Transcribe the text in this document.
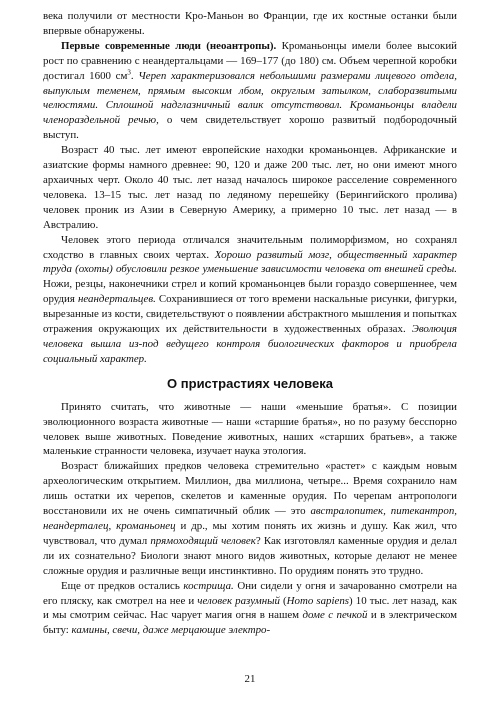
века получили от местности Кро-Маньон во Франции, где их костные останки были впервые обнаружены.

Первые современные люди (неоантропы). Кроманьонцы имели более высокий рост по сравнению с неандертальцами — 169–177 (до 180) см. Объем черепной коробки достигал 1600 $см^3$. Череп характеризовался небольшими размерами лицевого отдела, выпуклым теменем, прямым высоким лбом, округлым затылком, слаборазвитыми челюстями. Сплошной надглазничный валик отсутствовал. Кроманьонцы владели членораздельной речью, о чем свидетельствует хорошо развитый подбородочный выступ.

Возраст 40 тыс. лет имеют европейские находки кроманьонцев. Африканские и азиатские формы намного древнее: 90, 120 и даже 200 тыс. лет, но они имеют много архаичных черт. Около 40 тыс. лет назад началось широкое расселение современного человека. 13–15 тыс. лет назад по ледяному перешейку (Берингийского пролива) человек проник из Азии в Северную Америку, а примерно 10 тыс. лет назад — в Австралию.

Человек этого периода отличался значительным полиморфизмом, но сохранял сходство в главных своих чертах. Хорошо развитый мозг, общественный характер труда (охоты) обусловили резкое уменьшение зависимости человека от внешней среды. Ножи, резцы, наконечники стрел и копий кроманьонцев были гораздо совершеннее, чем орудия неандертальцев. Сохранившиеся от того времени наскальные рисунки, фигурки, вырезанные из кости, свидетельствуют о появлении абстрактного мышления и попытках отражения окружающих их действительности в художественных образах. Эволюция человека вышла из-под ведущего контроля биологических факторов и приобрела социальный характер.

О пристрастиях человека

Принято считать, что животные — наши «меньшие братья». С позиции эволюционного возраста животные — наши «старшие братья», но по разуму бесспорно человек выше животных. Поведение животных, наших «старших братьев», а также маленькие странности человека, изучает наука этология.

Возраст ближайших предков человека стремительно «растет» с каждым новым археологическим открытием. Миллион, два миллиона, четыре... Время сохранило нам лишь остатки их черепов, скелетов и каменные орудия. По черепам антропологи восстановили их не очень симпатичный облик — это австралопитек, питекантроп, неандерталец, кроманьонец и др., мы хотим понять их жизнь и душу. Как жил, что чувствовал, что думал прямоходящий человек? Как изготовлял каменные орудия и делал ли их сознательно? Биологи знают много видов животных, которые делают не менее сложные орудия и различные вещи инстинктивно. По орудиям понять это трудно.

Еще от предков остались кострища. Они сидели у огня и зачарованно смотрели на его пляску, как смотрел на нее и человек разумный (Homo sapiens) 10 тыс. лет назад, как и мы смотрим сейчас. Нас чарует магия огня в нашем доме с печкой и в электрическом быту: камины, свечи, даже мерцающие электро-

21
